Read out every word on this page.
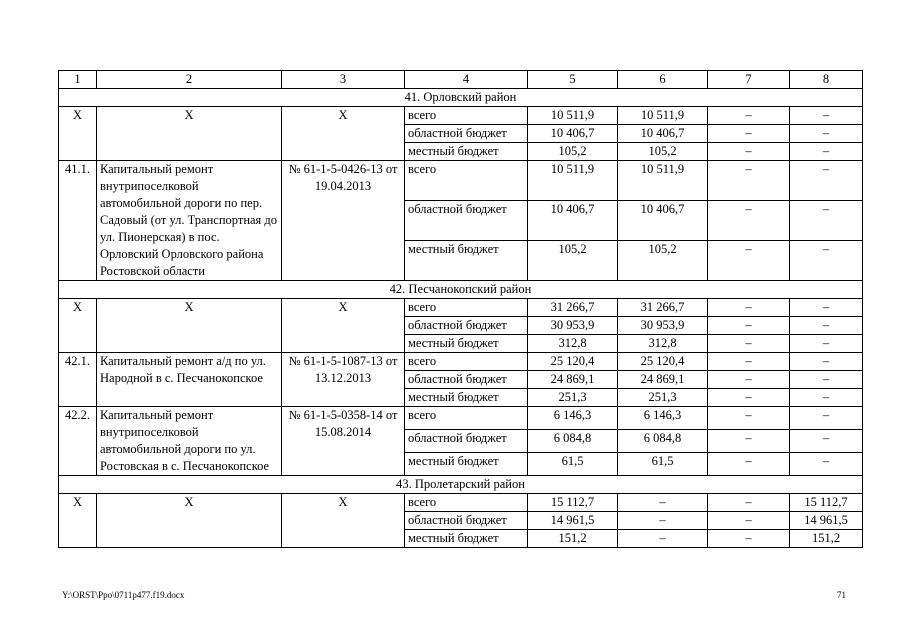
1	2	3	4	5	6	7	8
41. Орловский район							
X	X	X	всего	10 511,9	10 511,9	–	–
			областной бюджет	10 406,7	10 406,7	–	–
			местный бюджет	105,2	105,2	–	–
41.1.	Капитальный ремонт внутрипоселковой автомобильной дороги по пер. Садовый (от ул. Транспортная до ул. Пионерская) в пос. Орловский Орловского района Ростовской области	№ 61-1-5-0426-13 от 19.04.2013	всего	10 511,9	10 511,9	–	–
			областной бюджет	10 406,7	10 406,7	–	–
			местный бюджет	105,2	105,2	–	–
42. Песчанокопский район							
X	X	X	всего	31 266,7	31 266,7	–	–
			областной бюджет	30 953,9	30 953,9	–	–
			местный бюджет	312,8	312,8	–	–
42.1.	Капитальный ремонт а/д по ул. Народной в с. Песчанокопское	№ 61-1-5-1087-13 от 13.12.2013	всего	25 120,4	25 120,4	–	–
			областной бюджет	24 869,1	24 869,1	–	–
			местный бюджет	251,3	251,3	–	–
42.2.	Капитальный ремонт внутрипоселковой автомобильной дороги по ул. Ростовская в с. Песчанокопское	№ 61-1-5-0358-14 от 15.08.2014	всего	6 146,3	6 146,3	–	–
			областной бюджет	6 084,8	6 084,8	–	–
			местный бюджет	61,5	61,5	–	–
43. Пролетарский район							
X	X	X	всего	15 112,7	–	–	15 112,7
			областной бюджет	14 961,5	–	–	14 961,5
			местный бюджет	151,2	–	–	151,2
Y:\ORST\Ppo\0711p477.f19.docx	71
